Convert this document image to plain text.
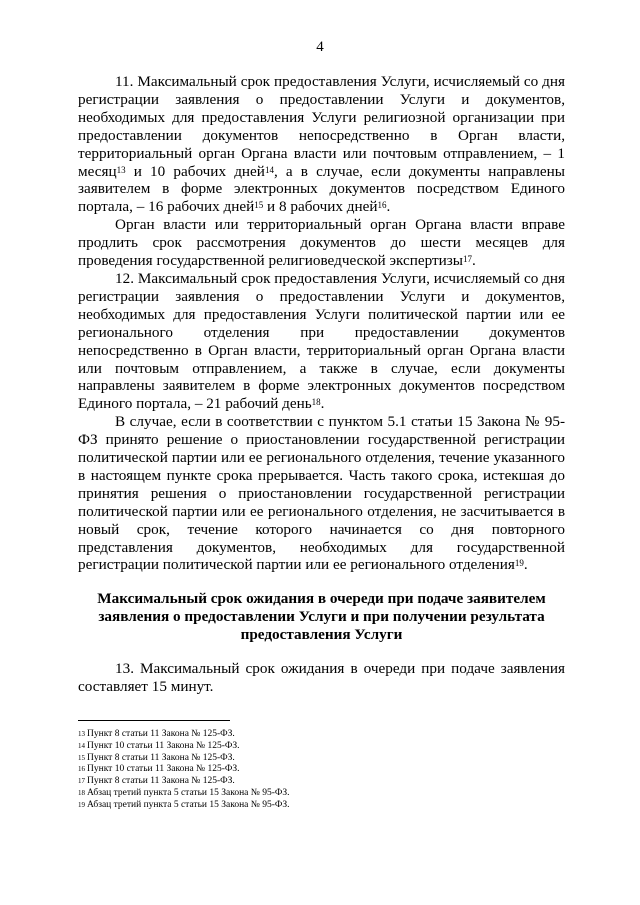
4

11. Максимальный срок предоставления Услуги, исчисляемый со дня регистрации заявления о предоставлении Услуги и документов, необходимых для предоставления Услуги религиозной организации при предоставлении документов непосредственно в Орган власти, территориальный орган Органа власти или почтовым отправлением, – 1 месяц$^{13}$ и 10 рабочих дней$^{14}$, а в случае, если документы направлены заявителем в форме электронных документов посредством Единого портала, – 16 рабочих дней$^{15}$ и 8 рабочих дней$^{16}$.

Орган власти или территориальный орган Органа власти вправе продлить срок рассмотрения документов до шести месяцев для проведения государственной религиоведческой экспертизы$^{17}$.

12. Максимальный срок предоставления Услуги, исчисляемый со дня регистрации заявления о предоставлении Услуги и документов, необходимых для предоставления Услуги политической партии или ее регионального отделения при предоставлении документов непосредственно в Орган власти, территориальный орган Органа власти или почтовым отправлением, а также в случае, если документы направлены заявителем в форме электронных документов посредством Единого портала, – 21 рабочий день$^{18}$.

В случае, если в соответствии с пунктом 5.1 статьи 15 Закона № 95-ФЗ принято решение о приостановлении государственной регистрации политической партии или ее регионального отделения, течение указанного в настоящем пункте срока прерывается. Часть такого срока, истекшая до принятия решения о приостановлении государственной регистрации политической партии или ее регионального отделения, не засчитывается в новый срок, течение которого начинается со дня повторного представления документов, необходимых для государственной регистрации политической партии или ее регионального отделения$^{19}$.

Максимальный срок ожидания в очереди при подаче заявителем заявления о предоставлении Услуги и при получении результата предоставления Услуги

13. Максимальный срок ожидания в очереди при подаче заявления составляет 15 минут.

$^{13}$ Пункт 8 статьи 11 Закона № 125-ФЗ.
$^{14}$ Пункт 10 статьи 11 Закона № 125-ФЗ.
$^{15}$ Пункт 8 статьи 11 Закона № 125-ФЗ.
$^{16}$ Пункт 10 статьи 11 Закона № 125-ФЗ.
$^{17}$ Пункт 8 статьи 11 Закона № 125-ФЗ.
$^{18}$ Абзац третий пункта 5 статьи 15 Закона № 95-ФЗ.
$^{19}$ Абзац третий пункта 5 статьи 15 Закона № 95-ФЗ.
